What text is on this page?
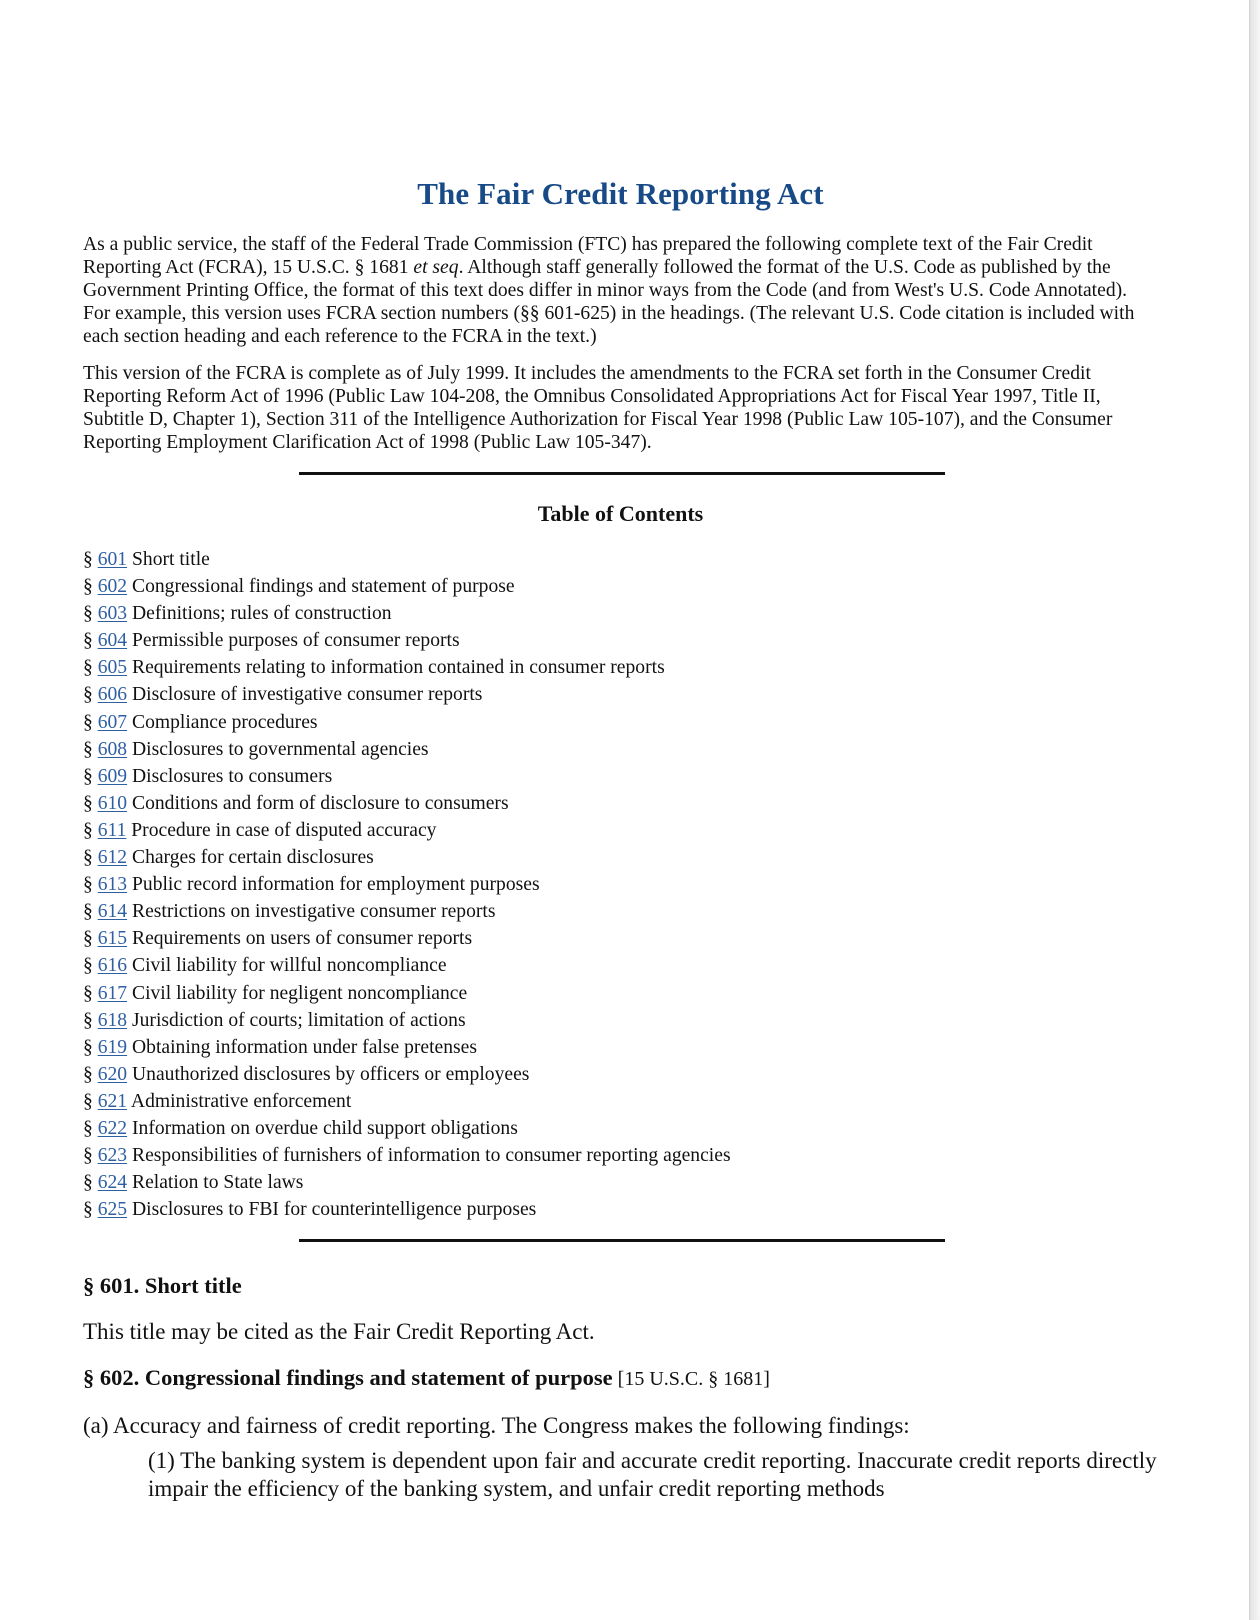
The Fair Credit Reporting Act

As a public service, the staff of the Federal Trade Commission (FTC) has prepared the following complete text of the Fair Credit Reporting Act (FCRA), 15 U.S.C. § 1681 et seq. Although staff generally followed the format of the U.S. Code as published by the Government Printing Office, the format of this text does differ in minor ways from the Code (and from West's U.S. Code Annotated). For example, this version uses FCRA section numbers (§§ 601-625) in the headings. (The relevant U.S. Code citation is included with each section heading and each reference to the FCRA in the text.)

This version of the FCRA is complete as of July 1999. It includes the amendments to the FCRA set forth in the Consumer Credit Reporting Reform Act of 1996 (Public Law 104-208, the Omnibus Consolidated Appropriations Act for Fiscal Year 1997, Title II, Subtitle D, Chapter 1), Section 311 of the Intelligence Authorization for Fiscal Year 1998 (Public Law 105-107), and the Consumer Reporting Employment Clarification Act of 1998 (Public Law 105-347).

Table of Contents
§ 601 Short title
§ 602 Congressional findings and statement of purpose
§ 603 Definitions; rules of construction
§ 604 Permissible purposes of consumer reports
§ 605 Requirements relating to information contained in consumer reports
§ 606 Disclosure of investigative consumer reports
§ 607 Compliance procedures
§ 608 Disclosures to governmental agencies
§ 609 Disclosures to consumers
§ 610 Conditions and form of disclosure to consumers
§ 611 Procedure in case of disputed accuracy
§ 612 Charges for certain disclosures
§ 613 Public record information for employment purposes
§ 614 Restrictions on investigative consumer reports
§ 615 Requirements on users of consumer reports
§ 616 Civil liability for willful noncompliance
§ 617 Civil liability for negligent noncompliance
§ 618 Jurisdiction of courts; limitation of actions
§ 619 Obtaining information under false pretenses
§ 620 Unauthorized disclosures by officers or employees
§ 621 Administrative enforcement
§ 622 Information on overdue child support obligations
§ 623 Responsibilities of furnishers of information to consumer reporting agencies
§ 624 Relation to State laws
§ 625 Disclosures to FBI for counterintelligence purposes
§ 601. Short title

This title may be cited as the Fair Credit Reporting Act.

§ 602. Congressional findings and statement of purpose [15 U.S.C. § 1681]

(a) Accuracy and fairness of credit reporting. The Congress makes the following findings:

(1) The banking system is dependent upon fair and accurate credit reporting. Inaccurate credit reports directly impair the efficiency of the banking system, and unfair credit reporting methods
